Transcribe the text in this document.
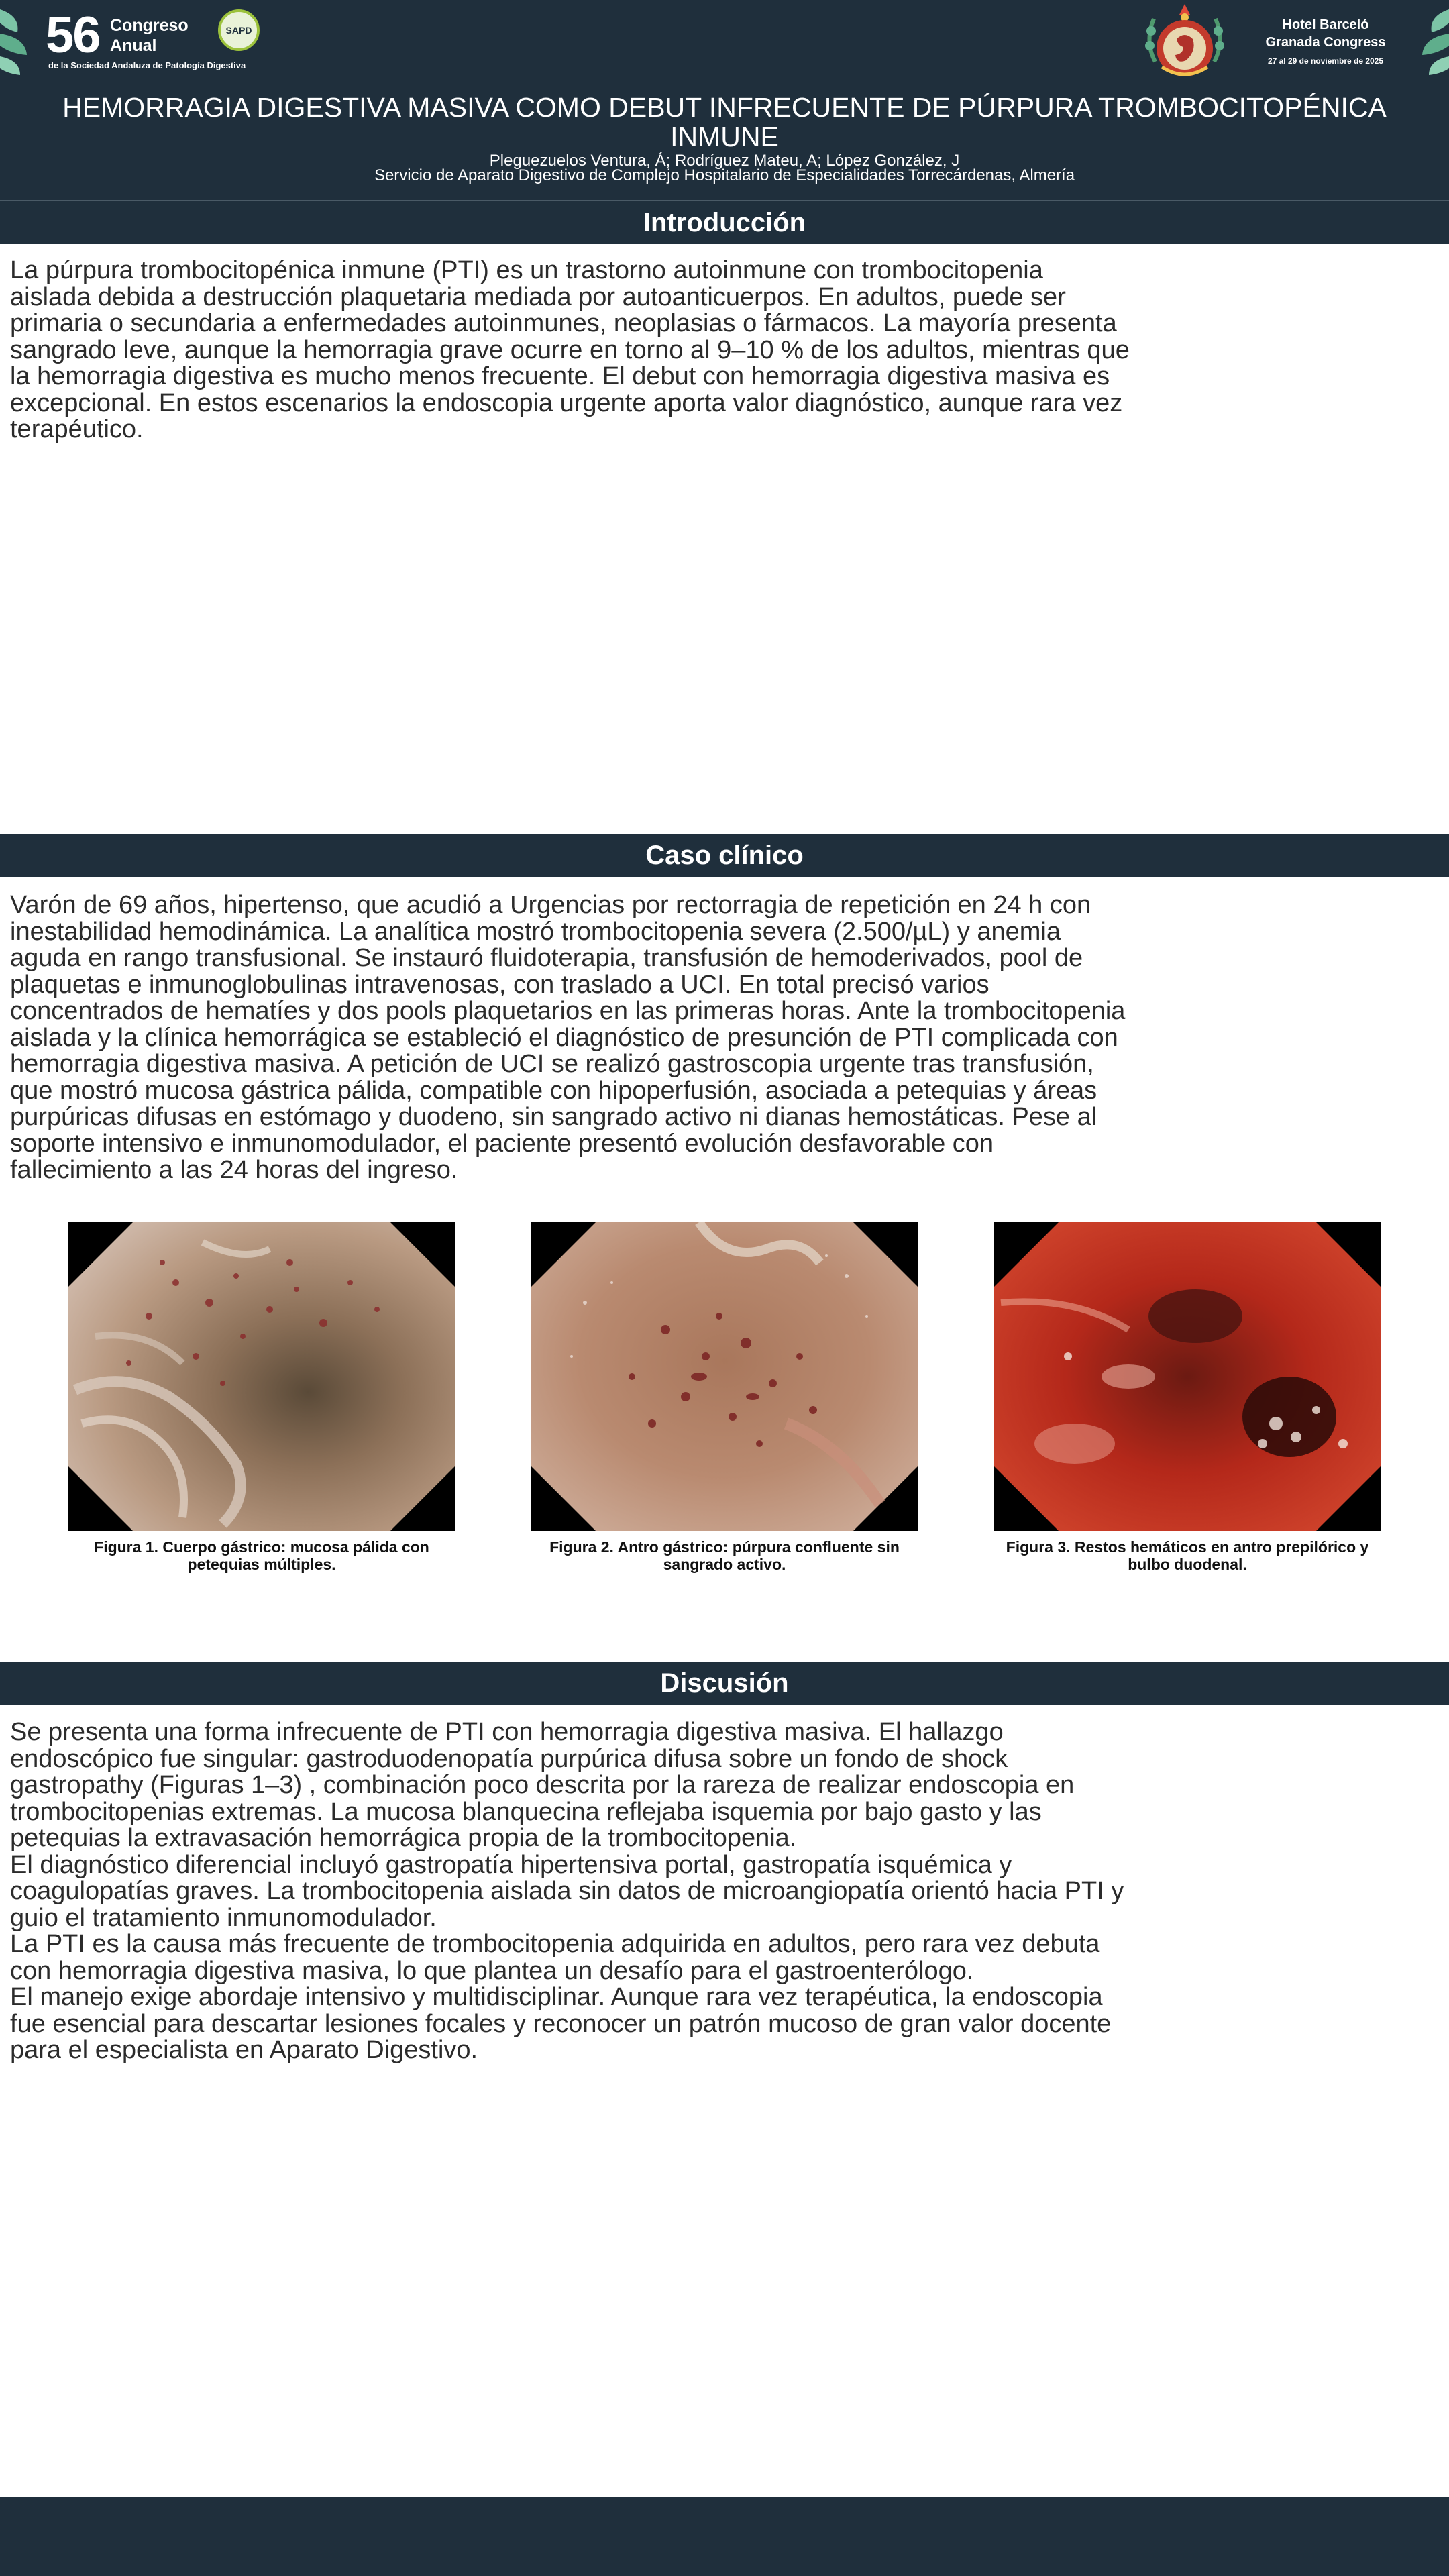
56 Congreso
Anual
de la Sociedad Andaluza de Patología Digestiva
SAPD	Hotel Barceló
Granada Congress
27 al 29 de noviembre de 2025
HEMORRAGIA DIGESTIVA MASIVA COMO DEBUT INFRECUENTE DE PÚRPURA TROMBOCITOPÉNICA INMUNE
Pleguezuelos Ventura, Á; Rodríguez Mateu, A; López González, J
Servicio de Aparato Digestivo de Complejo Hospitalario de Especialidades Torrecárdenas, Almería
Introducción

La púrpura trombocitopénica inmune (PTI) es un trastorno autoinmune con trombocitopenia aislada debida a destrucción plaquetaria mediada por autoanticuerpos. En adultos, puede ser primaria o secundaria a enfermedades autoinmunes, neoplasias o fármacos. La mayoría presenta sangrado leve, aunque la hemorragia grave ocurre en torno al 9–10 % de los adultos, mientras que la hemorragia digestiva es mucho menos frecuente. El debut con hemorragia digestiva masiva es excepcional. En estos escenarios la endoscopia urgente aporta valor diagnóstico, aunque rara vez terapéutico.

Caso clínico

Varón de 69 años, hipertenso, que acudió a Urgencias por rectorragia de repetición en 24 h con inestabilidad hemodinámica. La analítica mostró trombocitopenia severa (2.500/µL) y anemia aguda en rango transfusional. Se instauró fluidoterapia, transfusión de hemoderivados, pool de plaquetas e inmunoglobulinas intravenosas, con traslado a UCI. En total precisó varios concentrados de hematíes y dos pools plaquetarios en las primeras horas. Ante la trombocitopenia aislada y la clínica hemorrágica se estableció el diagnóstico de presunción de PTI complicada con hemorragia digestiva masiva. A petición de UCI se realizó gastroscopia urgente tras transfusión, que mostró mucosa gástrica pálida, compatible con hipoperfusión, asociada a petequias y áreas purpúricas difusas en estómago y duodeno, sin sangrado activo ni dianas hemostáticas. Pese al soporte intensivo e inmunomodulador, el paciente presentó evolución desfavorable con fallecimiento a las 24 horas del ingreso.

Figura 1. Cuerpo gástrico: mucosa pálida con petequias múltiples.
Figura 2. Antro gástrico: púrpura confluente sin sangrado activo.
Figura 3. Restos hemáticos en antro prepilórico y bulbo duodenal.
Discusión

Se presenta una forma infrecuente de PTI con hemorragia digestiva masiva. El hallazgo endoscópico fue singular: gastroduodenopatía purpúrica difusa sobre un fondo de shock gastropathy (Figuras 1–3) , combinación poco descrita por la rareza de realizar endoscopia en trombocitopenias extremas. La mucosa blanquecina reflejaba isquemia por bajo gasto y las petequias la extravasación hemorrágica propia de la trombocitopenia.

El diagnóstico diferencial incluyó gastropatía hipertensiva portal, gastropatía isquémica y coagulopatías graves. La trombocitopenia aislada sin datos de microangiopatía orientó hacia PTI y guio el tratamiento inmunomodulador.

La PTI es la causa más frecuente de trombocitopenia adquirida en adultos, pero rara vez debuta con hemorragia digestiva masiva, lo que plantea un desafío para el gastroenterólogo.

El manejo exige abordaje intensivo y multidisciplinar. Aunque rara vez terapéutica, la endoscopia fue esencial para descartar lesiones focales y reconocer un patrón mucoso de gran valor docente para el especialista en Aparato Digestivo.
